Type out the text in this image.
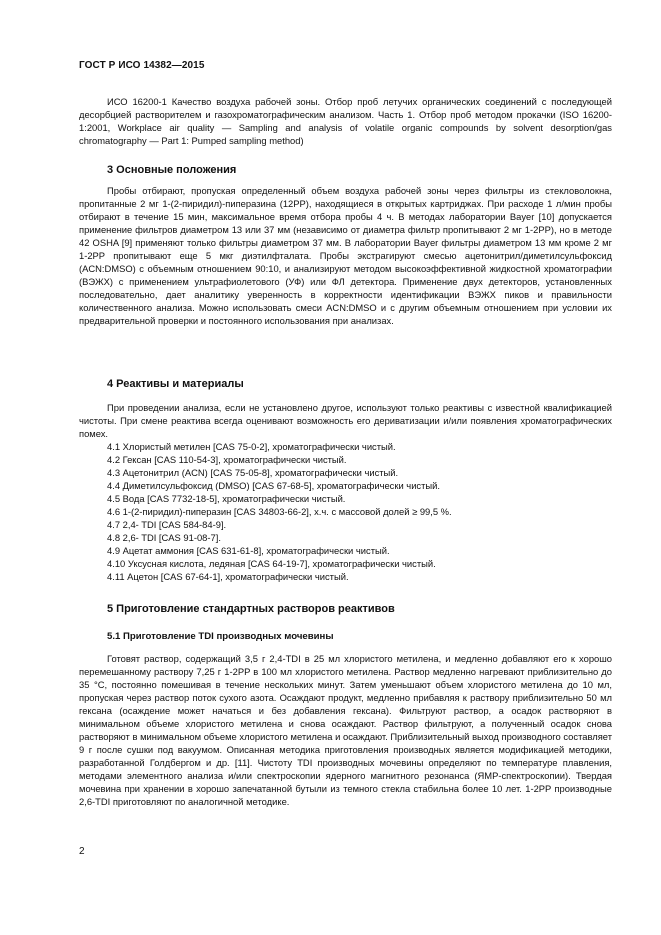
ГОСТ Р ИСО 14382—2015

ИСО 16200-1 Качество воздуха рабочей зоны. Отбор проб летучих органических соединений с последующей десорбцией растворителем и газохроматографическим анализом. Часть 1. Отбор проб методом прокачки (ISO 16200-1:2001, Workplace air quality — Sampling and analysis of volatile organic compounds by solvent desorption/gas chromatography — Part 1: Pumped sampling method)

3 Основные положения

Пробы отбирают, пропуская определенный объем воздуха рабочей зоны через фильтры из стекловолокна, пропитанные 2 мг 1-(2-пиридил)-пиперазина (12PP), находящиеся в открытых картриджах. При расходе 1 л/мин пробы отбирают в течение 15 мин, максимальное время отбора пробы 4 ч. В методах лаборатории Bayer [10] допускается применение фильтров диаметром 13 или 37 мм (независимо от диаметра фильтр пропитывают 2 мг 1-2PP), но в методе 42 OSHA [9] применяют только фильтры диаметром 37 мм. В лаборатории Bayer фильтры диаметром 13 мм кроме 2 мг 1-2PP пропитывают еще 5 мкг диэтилфталата. Пробы экстрагируют смесью ацетонитрил/диметилсульфоксид (ACN:DMSO) с объемным отношением 90:10, и анализируют методом высокоэффективной жидкостной хроматографии (ВЭЖХ) с применением ультрафиолетового (УФ) или ФЛ детектора. Применение двух детекторов, установленных последовательно, дает аналитику уверенность в корректности идентификации ВЭЖХ пиков и правильности количественного анализа. Можно использовать смеси ACN:DMSO и с другим объемным отношением при условии их предварительной проверки и постоянного использования при анализах.

4 Реактивы и материалы

При проведении анализа, если не установлено другое, используют только реактивы с известной квалификацией чистоты. При смене реактива всегда оценивают возможность его дериватизации и/или появления хроматографических помех.

4.1 Хлористый метилен [CAS 75-0-2], хроматографически чистый.
4.2 Гексан [CAS 110-54-3], хроматографически чистый.
4.3 Ацетонитрил (ACN) [CAS 75-05-8], хроматографически чистый.
4.4 Диметилсульфоксид (DMSO) [CAS 67-68-5], хроматографически чистый.
4.5 Вода [CAS 7732-18-5], хроматографически чистый.
4.6 1-(2-пиридил)-пиперазин [CAS 34803-66-2], х.ч. с массовой долей ≥ 99,5 %.
4.7 2,4- TDI [CAS 584-84-9].
4.8 2,6- TDI [CAS 91-08-7].
4.9 Ацетат аммония [CAS 631-61-8], хроматографически чистый.
4.10 Уксусная кислота, ледяная [CAS 64-19-7], хроматографически чистый.
4.11 Ацетон [CAS 67-64-1], хроматографически чистый.
5 Приготовление стандартных растворов реактивов
5.1 Приготовление TDI производных мочевины

Готовят раствор, содержащий 3,5 г 2,4-TDI в 25 мл хлористого метилена, и медленно добавляют его к хорошо перемешанному раствору 7,25 г 1-2PP в 100 мл хлористого метилена. Раствор медленно нагревают приблизительно до 35 °С, постоянно помешивая в течение нескольких минут. Затем уменьшают объем хлористого метилена до 10 мл, пропуская через раствор поток сухого азота. Осаждают продукт, медленно прибавляя к раствору приблизительно 50 мл гексана (осаждение может начаться и без добавления гексана). Фильтруют раствор, а осадок растворяют в минимальном объеме хлористого метилена и снова осаждают. Раствор фильтруют, а полученный осадок снова растворяют в минимальном объеме хлористого метилена и осаждают. Приблизительный выход производного составляет 9 г после сушки под вакуумом. Описанная методика приготовления производных является модификацией методики, разработанной Голдбергом и др. [11]. Чистоту TDI производных мочевины определяют по температуре плавления, методами элементного анализа и/или спектроскопии ядерного магнитного резонанса (ЯМР-спектроскопии). Твердая мочевина при хранении в хорошо запечатанной бутыли из темного стекла стабильна более 10 лет. 1-2PP производные 2,6-TDI приготовляют по аналогичной методике.

2
